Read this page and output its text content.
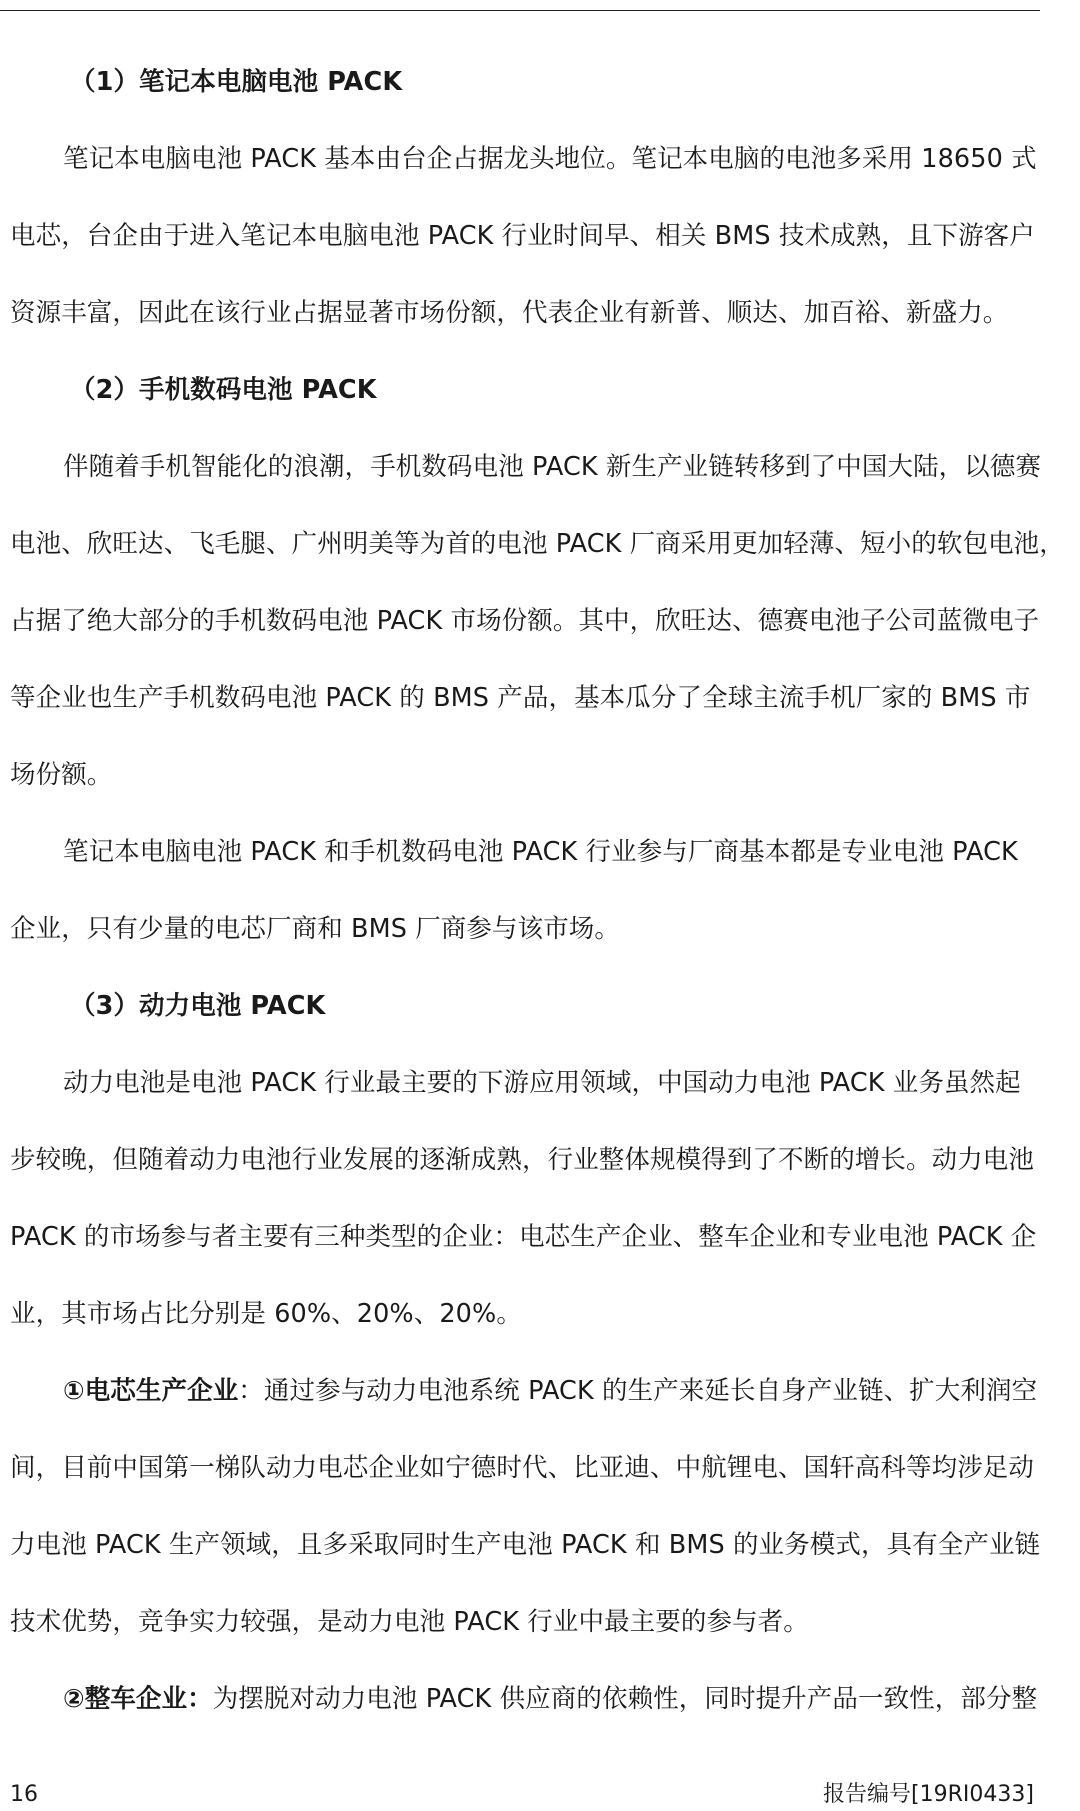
（1）笔记本电脑电池 PACK
笔记本电脑电池 PACK 基本由台企占据龙头地位。笔记本电脑的电池多采用 18650 式
电芯，台企由于进入笔记本电脑电池 PACK 行业时间早、相关 BMS 技术成熟，且下游客户
资源丰富，因此在该行业占据显著市场份额，代表企业有新普、顺达、加百裕、新盛力。
（2）手机数码电池 PACK
伴随着手机智能化的浪潮，手机数码电池 PACK 新生产业链转移到了中国大陆，以德赛
电池、欣旺达、飞毛腿、广州明美等为首的电池 PACK 厂商采用更加轻薄、短小的软包电池，
占据了绝大部分的手机数码电池 PACK 市场份额。其中，欣旺达、德赛电池子公司蓝微电子
等企业也生产手机数码电池 PACK 的 BMS 产品，基本瓜分了全球主流手机厂家的 BMS 市
场份额。
笔记本电脑电池 PACK 和手机数码电池 PACK 行业参与厂商基本都是专业电池 PACK
企业，只有少量的电芯厂商和 BMS 厂商参与该市场。
（3）动力电池 PACK
动力电池是电池 PACK 行业最主要的下游应用领域，中国动力电池 PACK 业务虽然起
步较晚，但随着动力电池行业发展的逐渐成熟，行业整体规模得到了不断的增长。动力电池
PACK 的市场参与者主要有三种类型的企业：电芯生产企业、整车企业和专业电池 PACK 企
业，其市场占比分别是 60%、20%、20%。
①电芯生产企业：通过参与动力电池系统 PACK 的生产来延长自身产业链、扩大利润空
间，目前中国第一梯队动力电芯企业如宁德时代、比亚迪、中航锂电、国轩高科等均涉足动
力电池 PACK 生产领域，且多采取同时生产电池 PACK 和 BMS 的业务模式，具有全产业链
技术优势，竞争实力较强，是动力电池 PACK 行业中最主要的参与者。
②整车企业：为摆脱对动力电池 PACK 供应商的依赖性，同时提升产品一致性，部分整
16	报告编号[19RI0433]
